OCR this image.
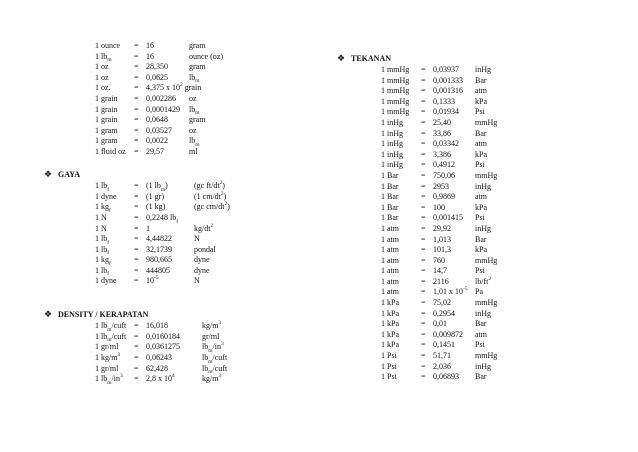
1 ounce = 16	gram
1 $lb_m$	= 16	ounce (oz)
1 oz	= 28,350	gram
1 oz	= 0,0625	$lb_m$
1 oz.	= 4,375 x $10^2$ grain
1 grain = 0,002286 oz
1 grain = 0,0001429 $lb_m$
1 grain = 0,0648	gram
1 gram = 0,03527 oz
1 gram = 0,0022	$lb_m$
1 fluid oz = 29,57	ml
❖ GAYA
1 $lb_f$	= (1 $lb_m$)	(gc $ft/dt^2$)
1 dyne = (1 gr)	(1 $cm/dt^2$)
1 $kg_f$	= (1 kg)	(gc $cm/dt^2$)
1 N	= 0,2248 $lb_f$
1 N	= 1	$kg/dt^2$
1 $lb_f$	= 4,44822	N
1 $lb_f$	= 32,1739	pondal
1 $kg_f$	= 980,665	dyne
1 $lb_f$	= 444805	dyne
1 dyne = $10^{-5}$	N
❖ DENSITY / KERAPATAN
1 $lb_m$/cuft = 16,018	$kg/m^3$
1 $lb_m$/cuft = 0,0160184	gr/ml
1 gr/ml = 0,0361275	$lb_m/in^3$
1 $kg/m^3 = 0,06243$	$lb_m$/cuft
1 gr/ml = 62,428	$lb_m$/cuft
1 $lb_m/in^3 = 2,8$ x $10^4$	$kg/m^3$
❖ TEKANAN
1 mmHg = 0,03937 inHg
1 mmHg = 0,001333 Bar
1 mmHg = 0,001316 atm
1 mmHg = 0,1333	kPa
1 mmHg = 0,01934 Psi
1 inHg = 25,40	mmHg
1 inHg = 33,86	Bar
1 inHg = 0,03342 atm
1 inHg = 3,386	kPa
1 inHg = 0,4912	Psi
1 Bar	= 750,06	mmHg
1 Bar	= 2953	inHg
1 Bar	= 0,9869	atm
1 Bar	= 100	kPa
1 Bar	= 0,001415 Psi
1 atm	= 29,92	inHg
1 atm	= 1,013	Bar
1 atm	= 101,3	kPa
1 atm	= 760	mmHg
1 atm	= 14,7	Psi
1 atm	= 2116	$lb/ft^2$
1 atm	= 1,01 x $10^{-5}$ Pa
1 kPa	= 75,02	mmHg
1 kPa	= 0,2954	inHg
1 kPa	= 0,01	Bar
1 kPa	= 0,009872 atm
1 kPa	= 0,1451	Psi
1 Psi	= 51,71	mmHg
1 Psi	= 2,036	inHg
1 Psi	= 0,06893 Bar
